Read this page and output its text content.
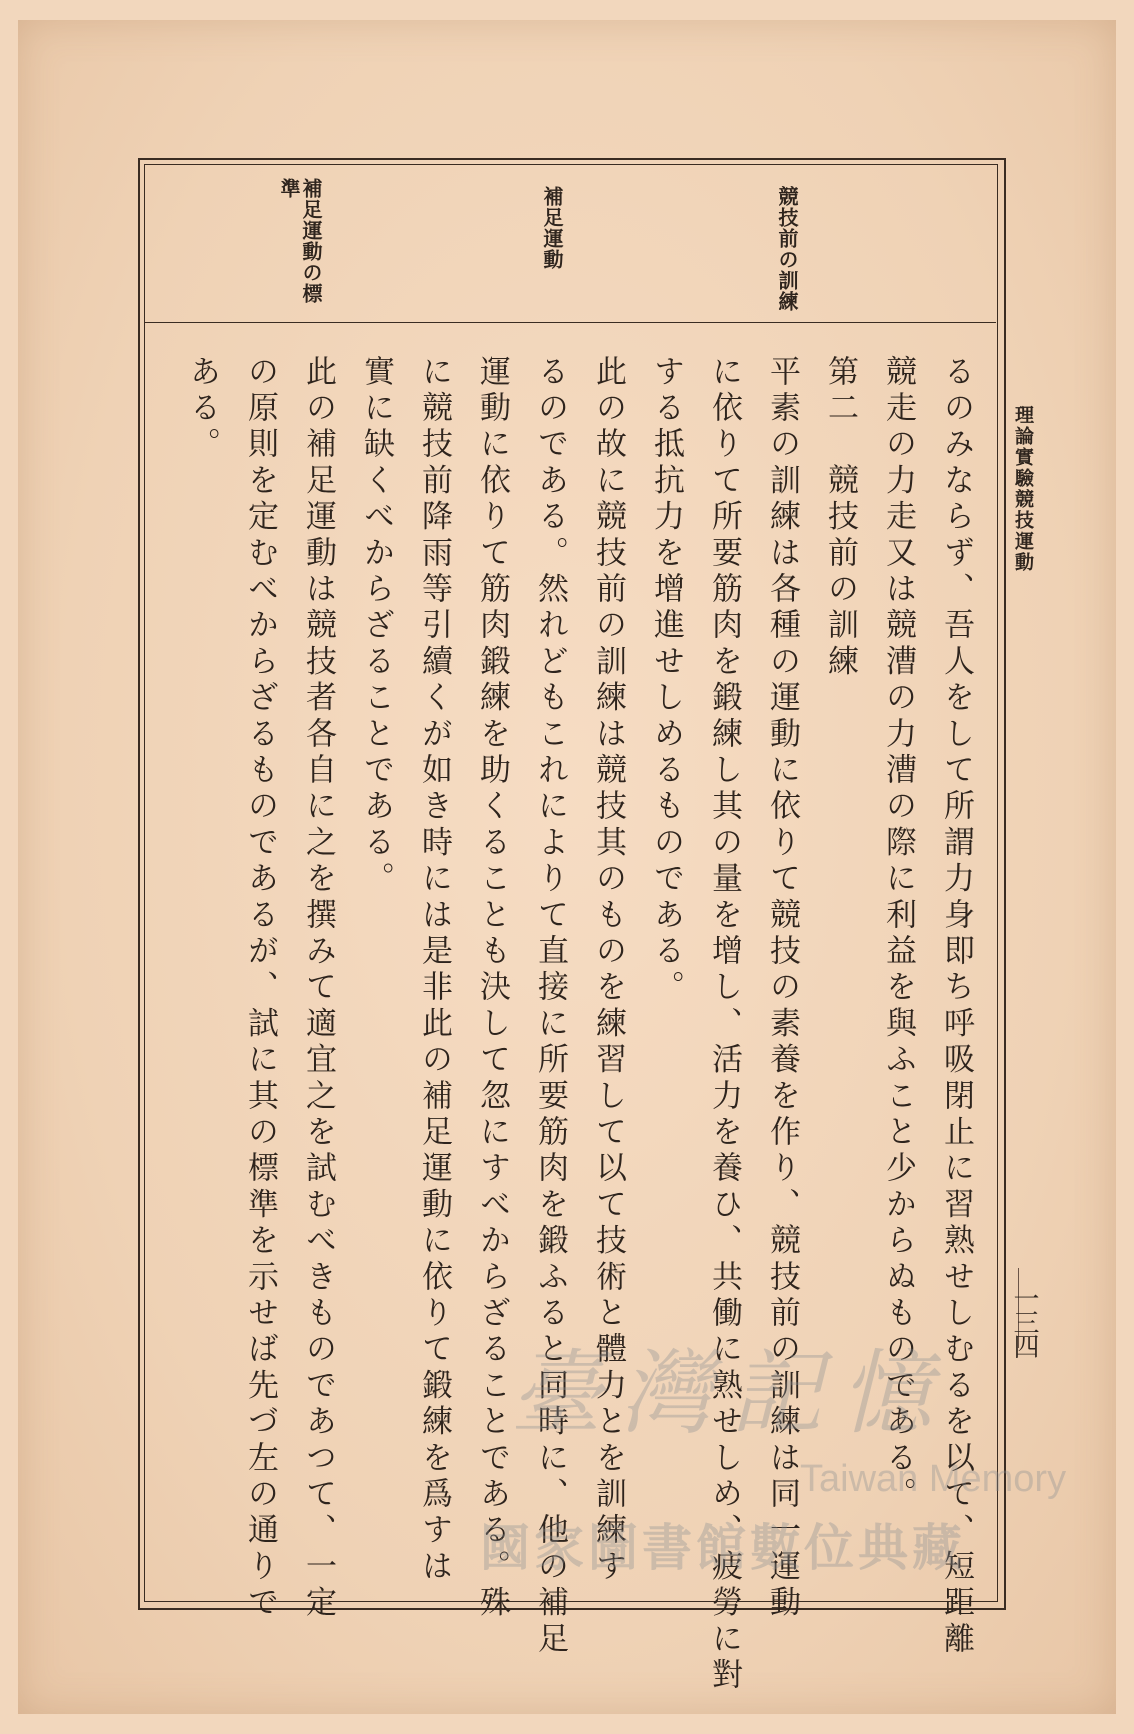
理論實驗競技運動
一三四
競技前の訓練
補足運動
補足運動の標
準
るのみならず、吾人をして所謂力身即ち呼吸閉止に習熟せしむるを以て、短距離
競走の力走又は競漕の力漕の際に利益を與ふこと少からぬものである。
第二　競技前の訓練
平素の訓練は各種の運動に依りて競技の素養を作り、競技前の訓練は同一運動
に依りて所要筋肉を鍛練し其の量を增し、活力を養ひ、共働に熟せしめ、疲勞に對
する抵抗力を增進せしめるものである。
此の故に競技前の訓練は競技其のものを練習して以て技術と體力とを訓練す
るのである。然れどもこれによりて直接に所要筋肉を鍛ふると同時に、他の補足
運動に依りて筋肉鍛練を助くることも決して忽にすべからざることである。殊
に競技前降雨等引續くが如き時には是非此の補足運動に依りて鍛練を爲すは
實に缺くべからざることである。
此の補足運動は競技者各自に之を撰みて適宜之を試むべきものであつて、一定
の原則を定むべからざるものであるが、試に其の標準を示せば先づ左の通りで
ある。
臺灣記憶
Taiwan Memory
國家圖書館數位典藏
